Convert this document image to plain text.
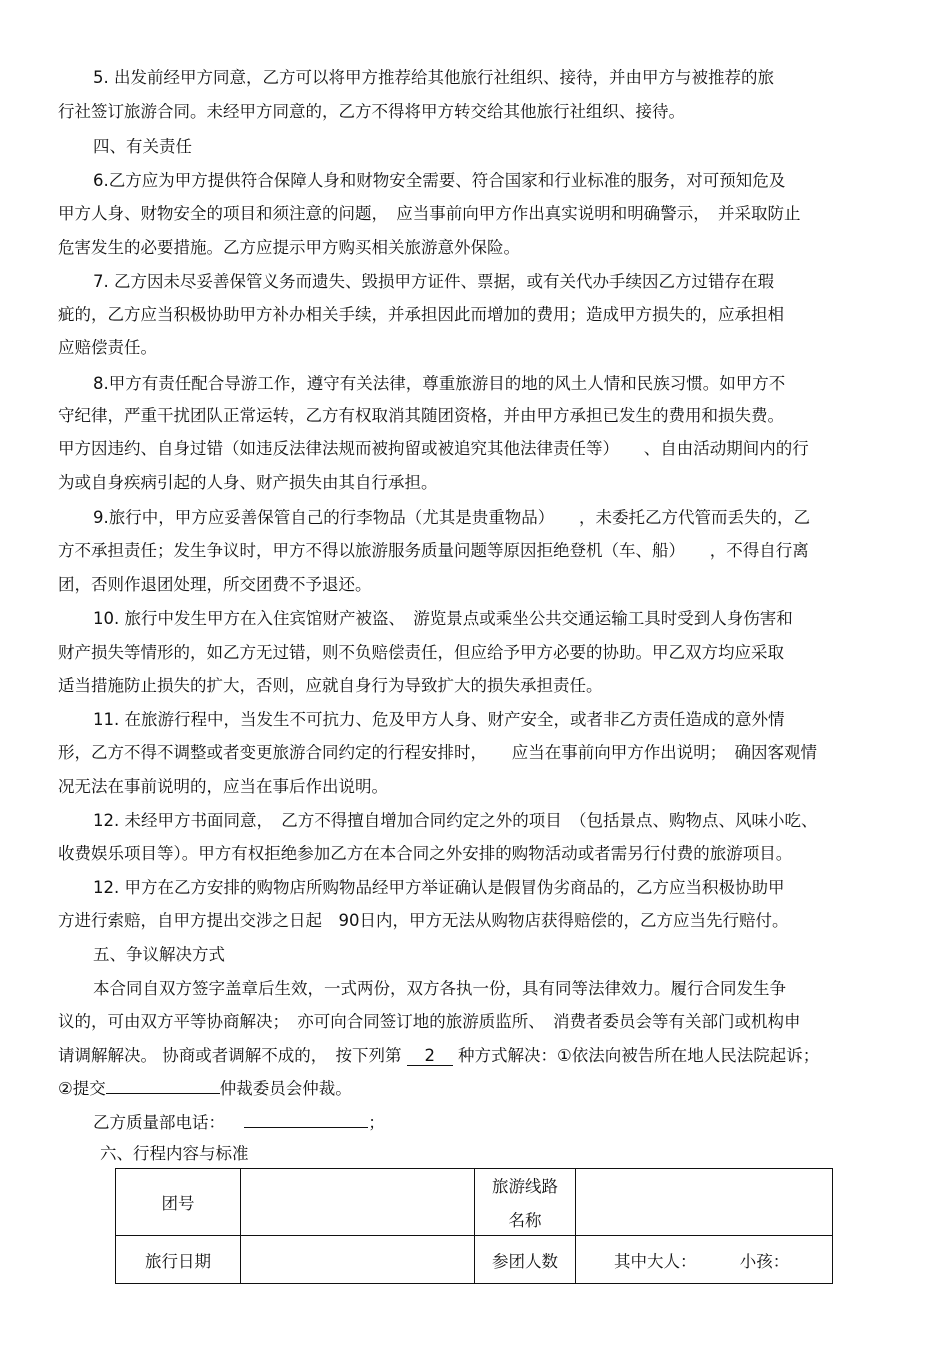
5. 出发前经甲方同意，乙方可以将甲方推荐给其他旅行社组织、接待，并由甲方与被推荐的旅
行社签订旅游合同。未经甲方同意的，乙方不得将甲方转交给其他旅行社组织、接待。
四、有关责任
6.乙方应为甲方提供符合保障人身和财物安全需要、符合国家和行业标准的服务，对可预知危及
甲方人身、财物安全的项目和须注意的问题，　应当事前向甲方作出真实说明和明确警示，　并采取防止
危害发生的必要措施。乙方应提示甲方购买相关旅游意外保险。
7. 乙方因未尽妥善保管义务而遗失、毁损甲方证件、票据，或有关代办手续因乙方过错存在瑕
疵的，乙方应当积极协助甲方补办相关手续，并承担因此而增加的费用；造成甲方损失的，应承担相
应赔偿责任。
8.甲方有责任配合导游工作，遵守有关法律，尊重旅游目的地的风土人情和民族习惯。如甲方不
守纪律，严重干扰团队正常运转，乙方有权取消其随团资格，并由甲方承担已发生的费用和损失费。
甲方因违约、自身过错（如违反法律法规而被拘留或被追究其他法律责任等）　　、自由活动期间内的行
为或自身疾病引起的人身、财产损失由其自行承担。
9.旅行中，甲方应妥善保管自己的行李物品（尤其是贵重物品）　　，未委托乙方代管而丢失的，乙
方不承担责任；发生争议时，甲方不得以旅游服务质量问题等原因拒绝登机（车、船）　　，不得自行离
团，否则作退团处理，所交团费不予退还。
10. 旅行中发生甲方在入住宾馆财产被盗、　游览景点或乘坐公共交通运输工具时受到人身伤害和
财产损失等情形的，如乙方无过错，则不负赔偿责任，但应给予甲方必要的协助。甲乙双方均应采取
适当措施防止损失的扩大，否则，应就自身行为导致扩大的损失承担责任。
11. 在旅游行程中，当发生不可抗力、危及甲方人身、财产安全，或者非乙方责任造成的意外情
形，乙方不得不调整或者变更旅游合同约定的行程安排时，　　应当在事前向甲方作出说明；　确因客观情
况无法在事前说明的，应当在事后作出说明。
12. 未经甲方书面同意，　乙方不得擅自增加合同约定之外的项目　（包括景点、购物点、风味小吃、
收费娱乐项目等）。甲方有权拒绝参加乙方在本合同之外安排的购物活动或者需另行付费的旅游项目。
12. 甲方在乙方安排的购物店所购物品经甲方举证确认是假冒伪劣商品的，乙方应当积极协助甲
方进行索赔，自甲方提出交涉之日起　90日内，甲方无法从购物店获得赔偿的，乙方应当先行赔付。
五、争议解决方式
本合同自双方签字盖章后生效，一式两份，双方各执一份，具有同等法律效力。履行合同发生争
议的，可由双方平等协商解决；　亦可向合同签订地的旅游质监所、　消费者委员会等有关部门或机构申
请调解解决。 协商或者调解不成的，　按下列第 2 种方式解决：①依法向被告所在地人民法院起诉；
②提交	仲裁委员会仲裁。
乙方质量部电话：	；
六、行程内容与标准
团号		旅游线路
名称	

旅行日期		参团人数	其中大人： 小孩：
